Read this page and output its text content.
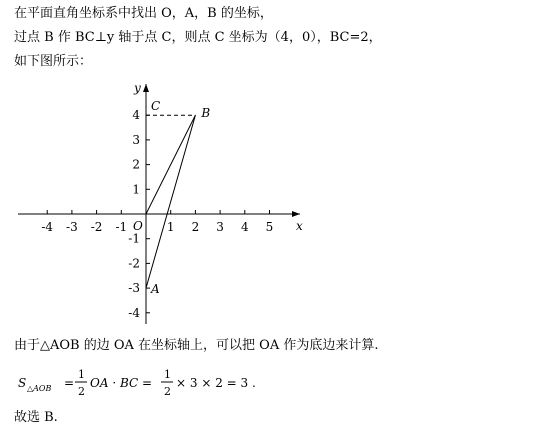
在平面直角坐标系中找出 O，A，B 的坐标，
过点 B 作 BC⊥y 轴于点 C，则点 C 坐标为（4，0），BC=2，
如下图所示：
-4 -3 -2 -1	1 2 3 4 5
4
3
2
1
-1
-2
-3
-4
x
y
O
A
B
C
由于△AOB 的边 OA 在坐标轴上，可以把 OA 作为底边来计算.
S △AOB =
1
2
OA · BC =
1
2
× 3 × 2 = 3 .
故选 B.
